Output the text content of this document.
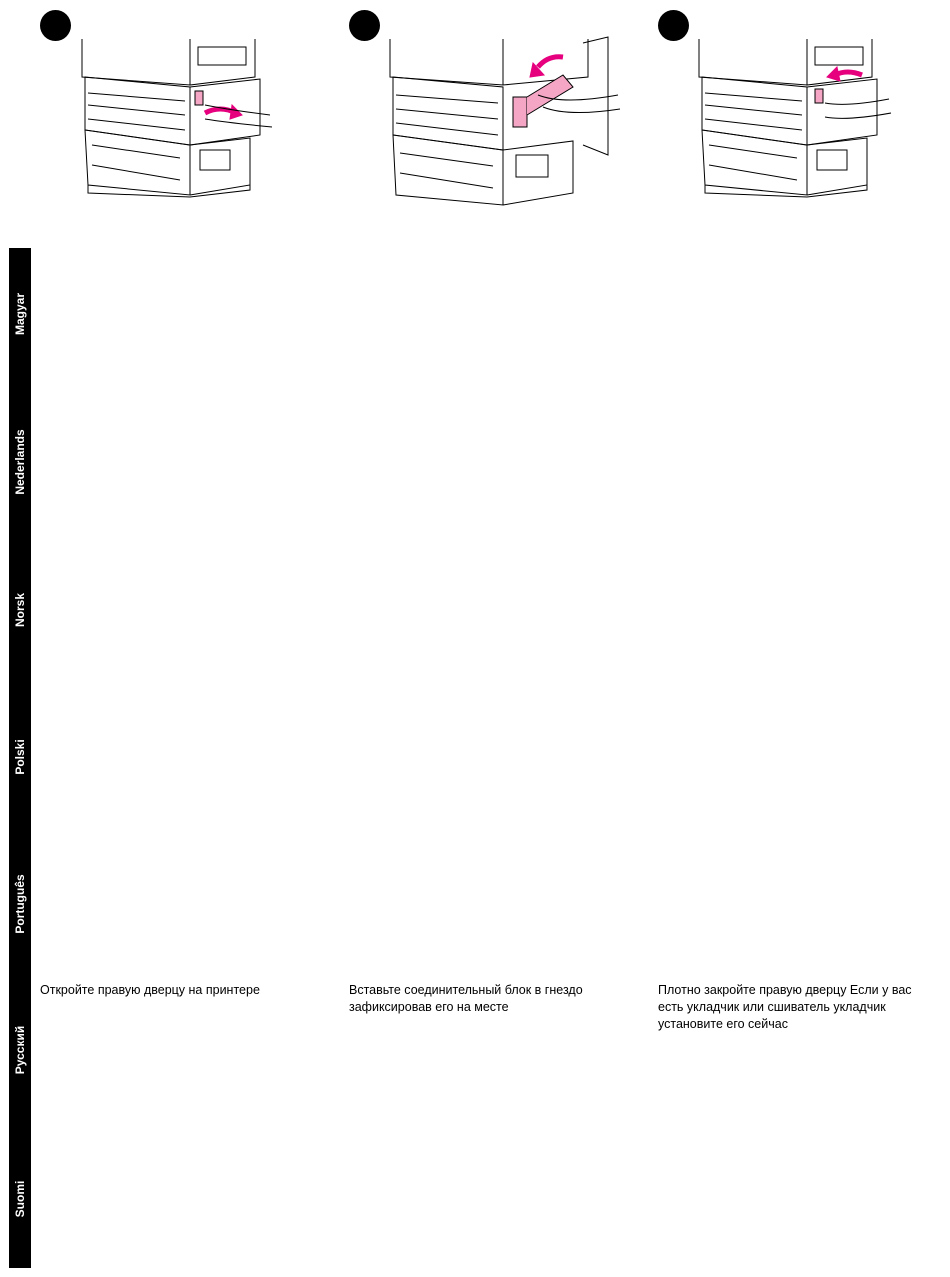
Magyar
Nederlands
Norsk
Polski
Português
Русский
Suomi
Откройте правую дверцу на принтере	Вставьте соединительный блок в гнездо зафиксировав его на месте
Плотно закройте правую дверцу Если у вас есть укладчик или сшиватель укладчик установите его сейчас
